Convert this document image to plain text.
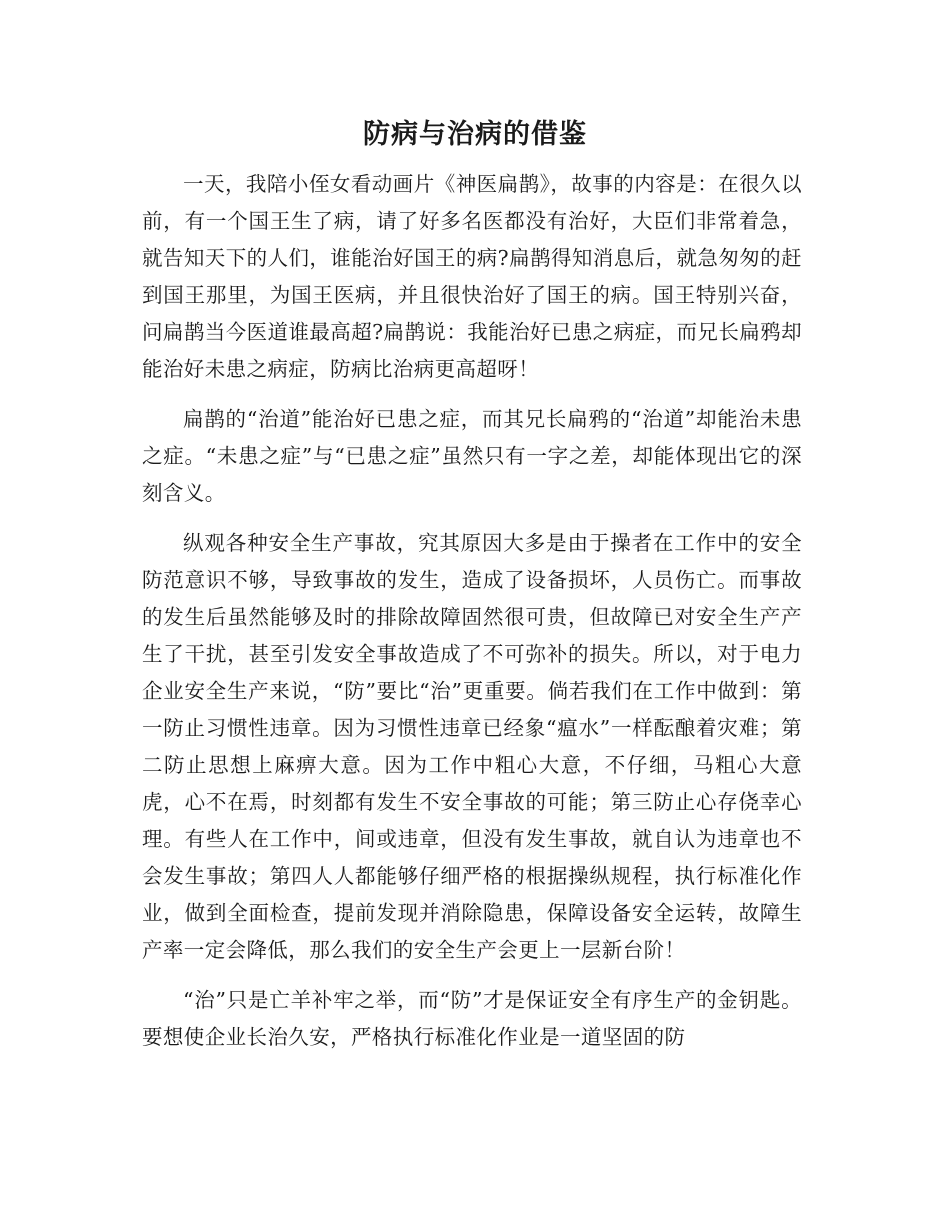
防病与治病的借鉴

一天，我陪小侄女看动画片《神医扁鹊》，故事的内容是：在很久以前，有一个国王生了病，请了好多名医都没有治好，大臣们非常着急，就告知天下的人们，谁能治好国王的病?扁鹊得知消息后，就急匆匆的赶到国王那里，为国王医病，并且很快治好了国王的病。国王特别兴奋，问扁鹊当今医道谁最高超?扁鹊说：我能治好已患之病症，而兄长扁鸦却能治好未患之病症，防病比治病更高超呀！

扁鹊的“治道”能治好已患之症，而其兄长扁鸦的“治道”却能治未患之症。“未患之症”与“已患之症”虽然只有一字之差，却能体现出它的深刻含义。

纵观各种安全生产事故，究其原因大多是由于操者在工作中的安全防范意识不够，导致事故的发生，造成了设备损坏，人员伤亡。而事故的发生后虽然能够及时的排除故障固然很可贵，但故障已对安全生产产生了干扰，甚至引发安全事故造成了不可弥补的损失。所以，对于电力企业安全生产来说，“防”要比“治”更重要。倘若我们在工作中做到：第一防止习惯性违章。因为习惯性违章已经象“瘟水”一样酝酿着灾难；第二防止思想上麻痹大意。因为工作中粗心大意，不仔细，马粗心大意虎，心不在焉，时刻都有发生不安全事故的可能；第三防止心存侥幸心理。有些人在工作中，间或违章，但没有发生事故，就自认为违章也不会发生事故；第四人人都能够仔细严格的根据操纵规程，执行标准化作业，做到全面检查，提前发现并消除隐患，保障设备安全运转，故障生产率一定会降低，那么我们的安全生产会更上一层新台阶！

“治”只是亡羊补牢之举，而“防”才是保证安全有序生产的金钥匙。要想使企业长治久安，严格执行标准化作业是一道坚固的防
